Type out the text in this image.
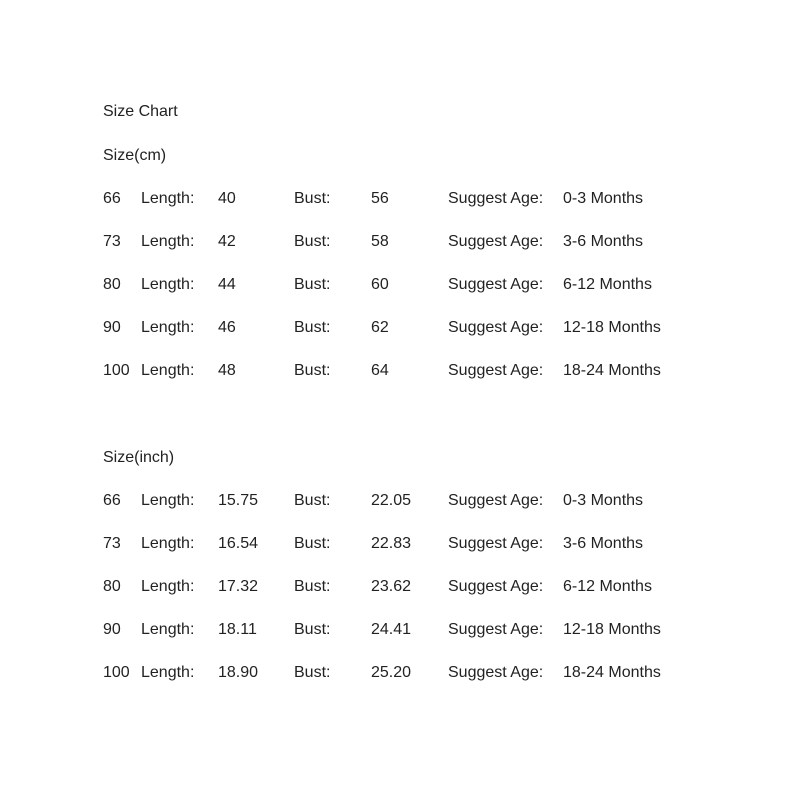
Size Chart
Size(cm)
66 Length: 40	Bust:	56	Suggest Age: 0-3 Months
73 Length: 42	Bust:	58	Suggest Age: 3-6 Months
80 Length: 44	Bust:	60	Suggest Age: 6-12 Months
90 Length: 46	Bust:	62	Suggest Age: 12-18 Months
100 Length: 48	Bust:	64	Suggest Age: 18-24 Months
Size(inch)
66 Length: 15.75 Bust:	22.05 Suggest Age: 0-3 Months
73 Length: 16.54 Bust:	22.83 Suggest Age: 3-6 Months
80 Length: 17.32 Bust:	23.62 Suggest Age: 6-12 Months
90 Length: 18.11 Bust:	24.41 Suggest Age: 12-18 Months
100 Length: 18.90 Bust:	25.20 Suggest Age: 18-24 Months
